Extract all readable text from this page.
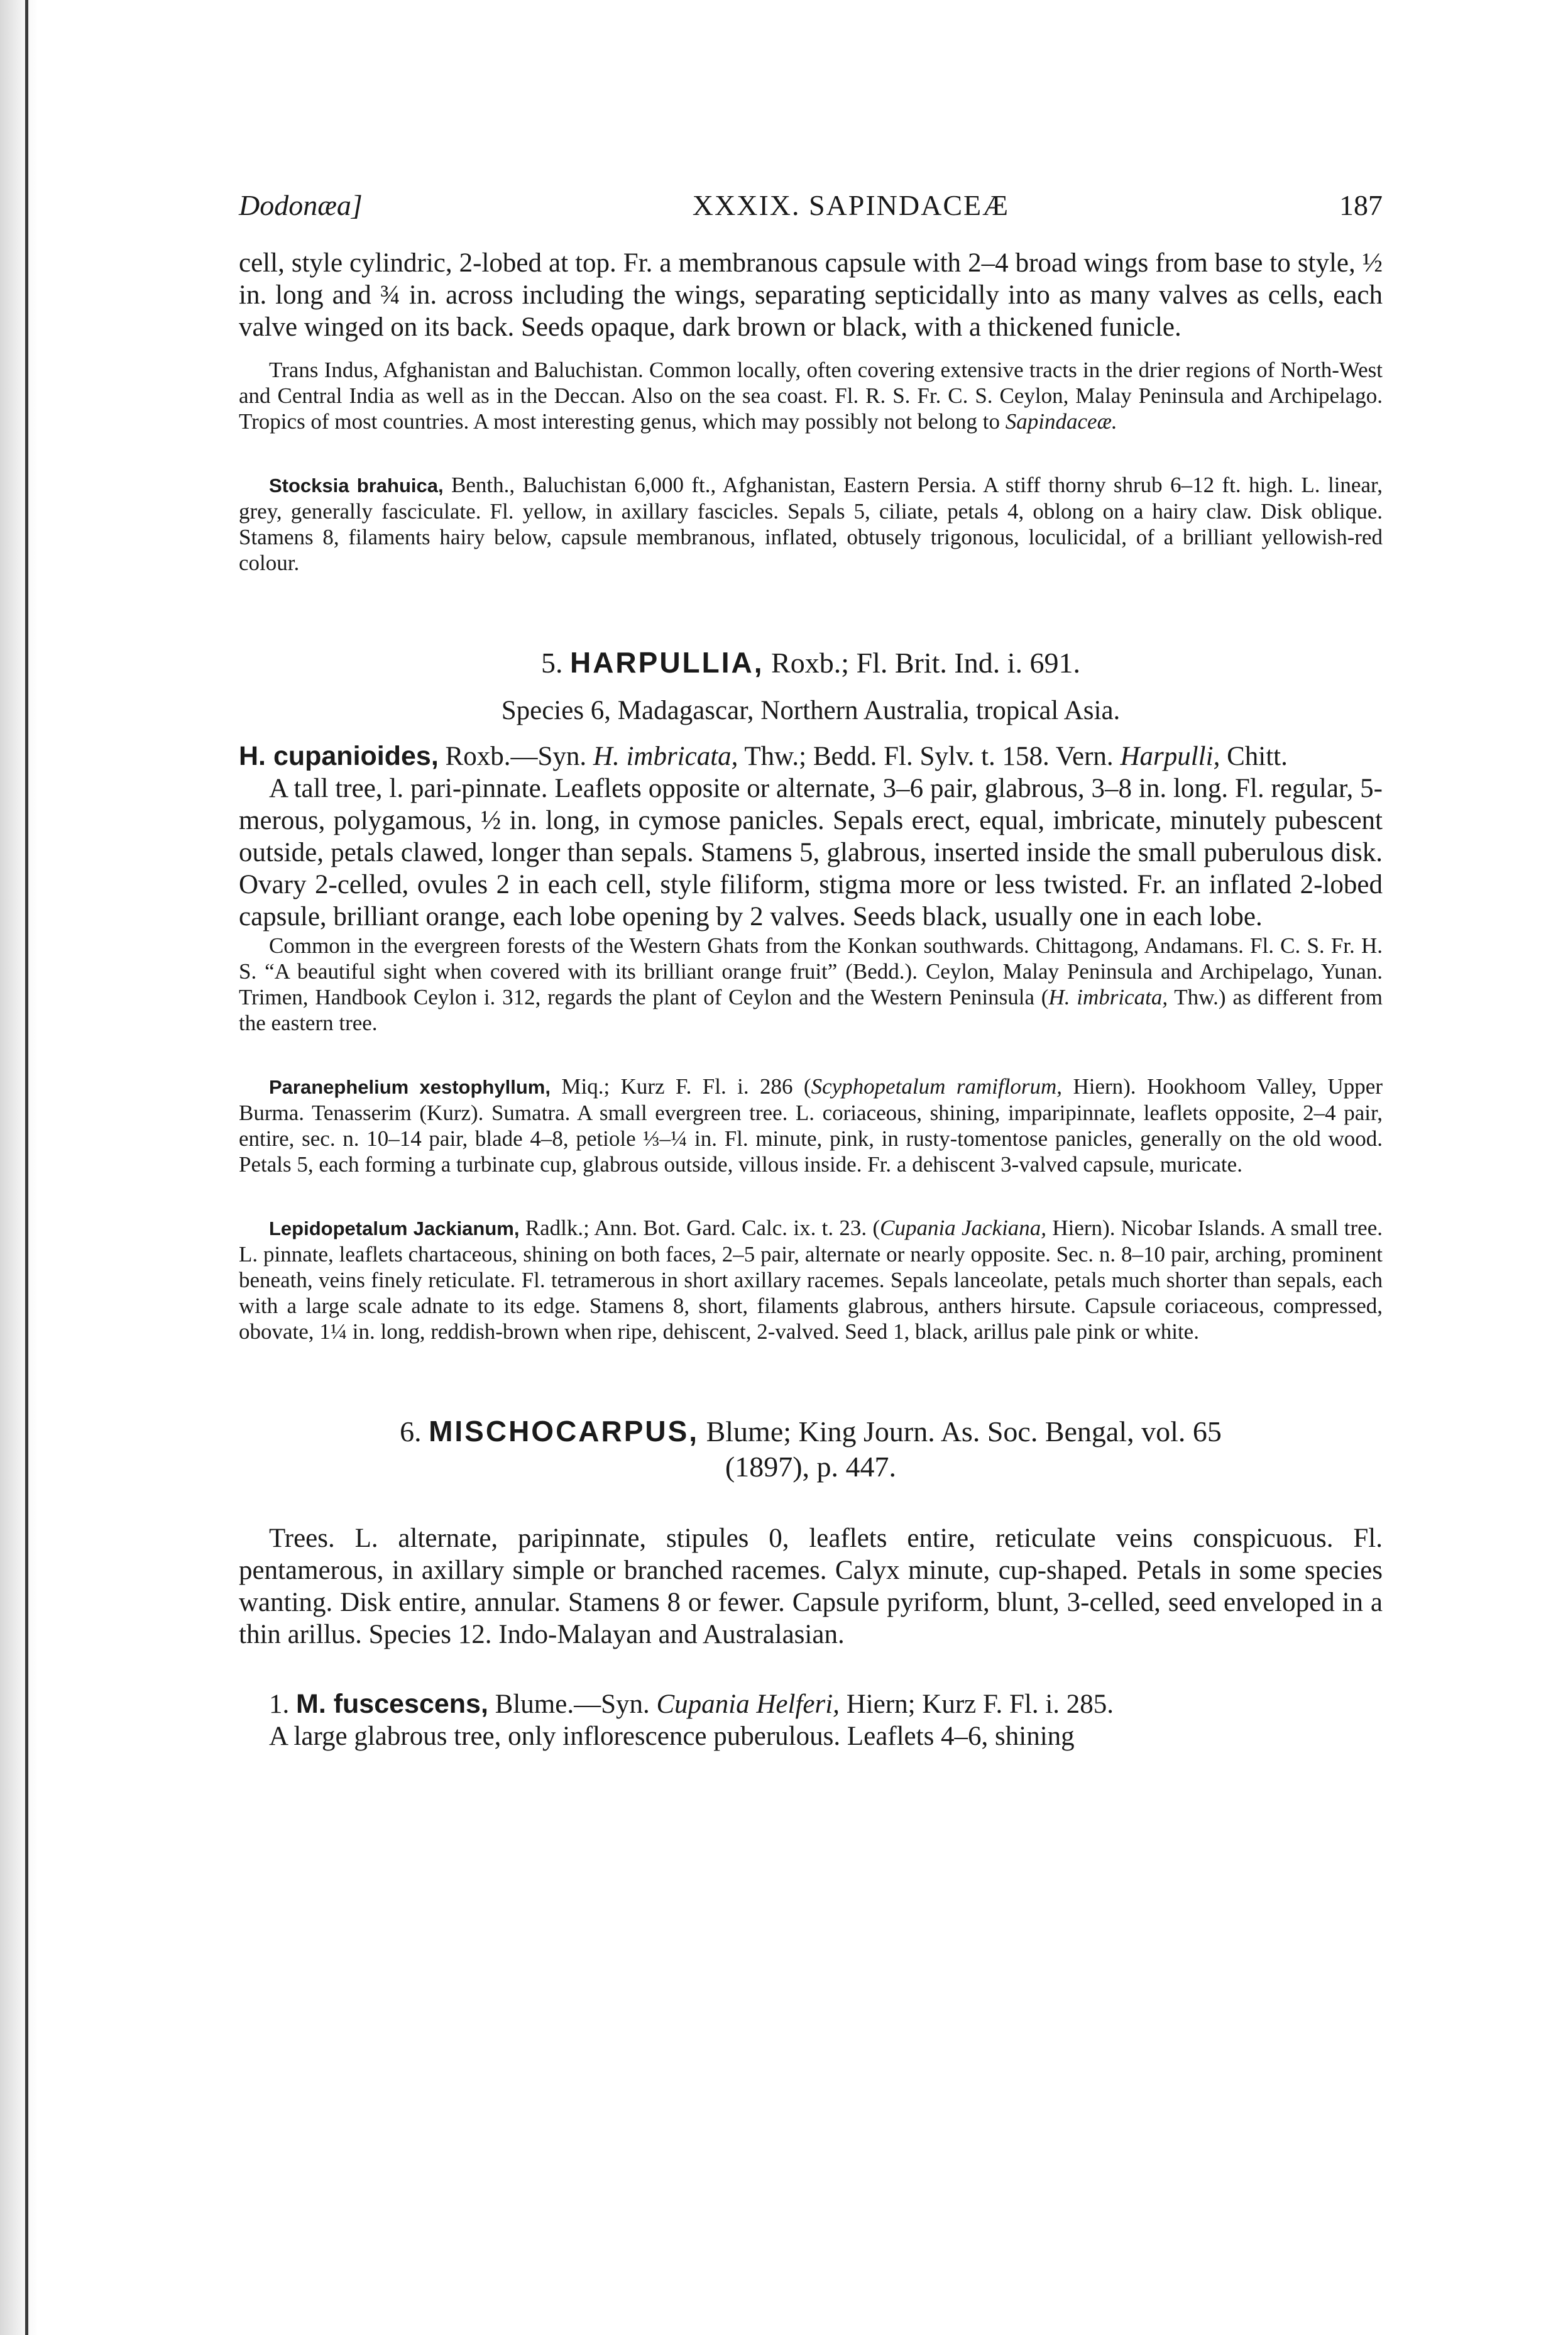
Dodonæa]	XXXIX. SAPINDACEÆ	187

cell, style cylindric, 2-lobed at top. Fr. a membranous capsule with 2–4 broad wings from base to style, ½ in. long and ¾ in. across including the wings, separating septicidally into as many valves as cells, each valve winged on its back. Seeds opaque, dark brown or black, with a thickened funicle.

Trans Indus, Afghanistan and Baluchistan. Common locally, often covering extensive tracts in the drier regions of North-West and Central India as well as in the Deccan. Also on the sea coast. Fl. R. S. Fr. C. S. Ceylon, Malay Peninsula and Archipelago. Tropics of most countries. A most interesting genus, which may possibly not belong to Sapindaceæ.

Stocksia brahuica, Benth., Baluchistan 6,000 ft., Afghanistan, Eastern Persia. A stiff thorny shrub 6–12 ft. high. L. linear, grey, generally fasciculate. Fl. yellow, in axillary fascicles. Sepals 5, ciliate, petals 4, oblong on a hairy claw. Disk oblique. Stamens 8, filaments hairy below, capsule membranous, inflated, obtusely trigonous, loculicidal, of a brilliant yellowish-red colour.

5. HARPULLIA, Roxb.; Fl. Brit. Ind. i. 691.

Species 6, Madagascar, Northern Australia, tropical Asia.

H. cupanioides, Roxb.—Syn. H. imbricata, Thw.; Bedd. Fl. Sylv. t. 158. Vern. Harpulli, Chitt.

A tall tree, l. pari-pinnate. Leaflets opposite or alternate, 3–6 pair, glabrous, 3–8 in. long. Fl. regular, 5-merous, polygamous, ½ in. long, in cymose panicles. Sepals erect, equal, imbricate, minutely pubescent outside, petals clawed, longer than sepals. Stamens 5, glabrous, inserted inside the small puberulous disk. Ovary 2-celled, ovules 2 in each cell, style filiform, stigma more or less twisted. Fr. an inflated 2-lobed capsule, brilliant orange, each lobe opening by 2 valves. Seeds black, usually one in each lobe.

Common in the evergreen forests of the Western Ghats from the Konkan southwards. Chittagong, Andamans. Fl. C. S. Fr. H. S. “A beautiful sight when covered with its brilliant orange fruit” (Bedd.). Ceylon, Malay Peninsula and Archipelago, Yunan. Trimen, Handbook Ceylon i. 312, regards the plant of Ceylon and the Western Peninsula (H. imbricata, Thw.) as different from the eastern tree.

Paranephelium xestophyllum, Miq.; Kurz F. Fl. i. 286 (Scyphopetalum ramiflorum, Hiern). Hookhoom Valley, Upper Burma. Tenasserim (Kurz). Sumatra. A small evergreen tree. L. coriaceous, shining, imparipinnate, leaflets opposite, 2–4 pair, entire, sec. n. 10–14 pair, blade 4–8, petiole ⅓–¼ in. Fl. minute, pink, in rusty-tomentose panicles, generally on the old wood. Petals 5, each forming a turbinate cup, glabrous outside, villous inside. Fr. a dehiscent 3-valved capsule, muricate.

Lepidopetalum Jackianum, Radlk.; Ann. Bot. Gard. Calc. ix. t. 23. (Cupania Jackiana, Hiern). Nicobar Islands. A small tree. L. pinnate, leaflets chartaceous, shining on both faces, 2–5 pair, alternate or nearly opposite. Sec. n. 8–10 pair, arching, prominent beneath, veins finely reticulate. Fl. tetramerous in short axillary racemes. Sepals lanceolate, petals much shorter than sepals, each with a large scale adnate to its edge. Stamens 8, short, filaments glabrous, anthers hirsute. Capsule coriaceous, compressed, obovate, 1¼ in. long, reddish-brown when ripe, dehiscent, 2-valved. Seed 1, black, arillus pale pink or white.

6. MISCHOCARPUS, Blume; King Journ. As. Soc. Bengal, vol. 65
(1897), p. 447.

Trees. L. alternate, paripinnate, stipules 0, leaflets entire, reticulate veins conspicuous. Fl. pentamerous, in axillary simple or branched racemes. Calyx minute, cup-shaped. Petals in some species wanting. Disk entire, annular. Stamens 8 or fewer. Capsule pyriform, blunt, 3-celled, seed enveloped in a thin arillus. Species 12. Indo-Malayan and Australasian.

1. M. fuscescens, Blume.—Syn. Cupania Helferi, Hiern; Kurz F. Fl. i. 285.

A large glabrous tree, only inflorescence puberulous. Leaflets 4–6, shining
